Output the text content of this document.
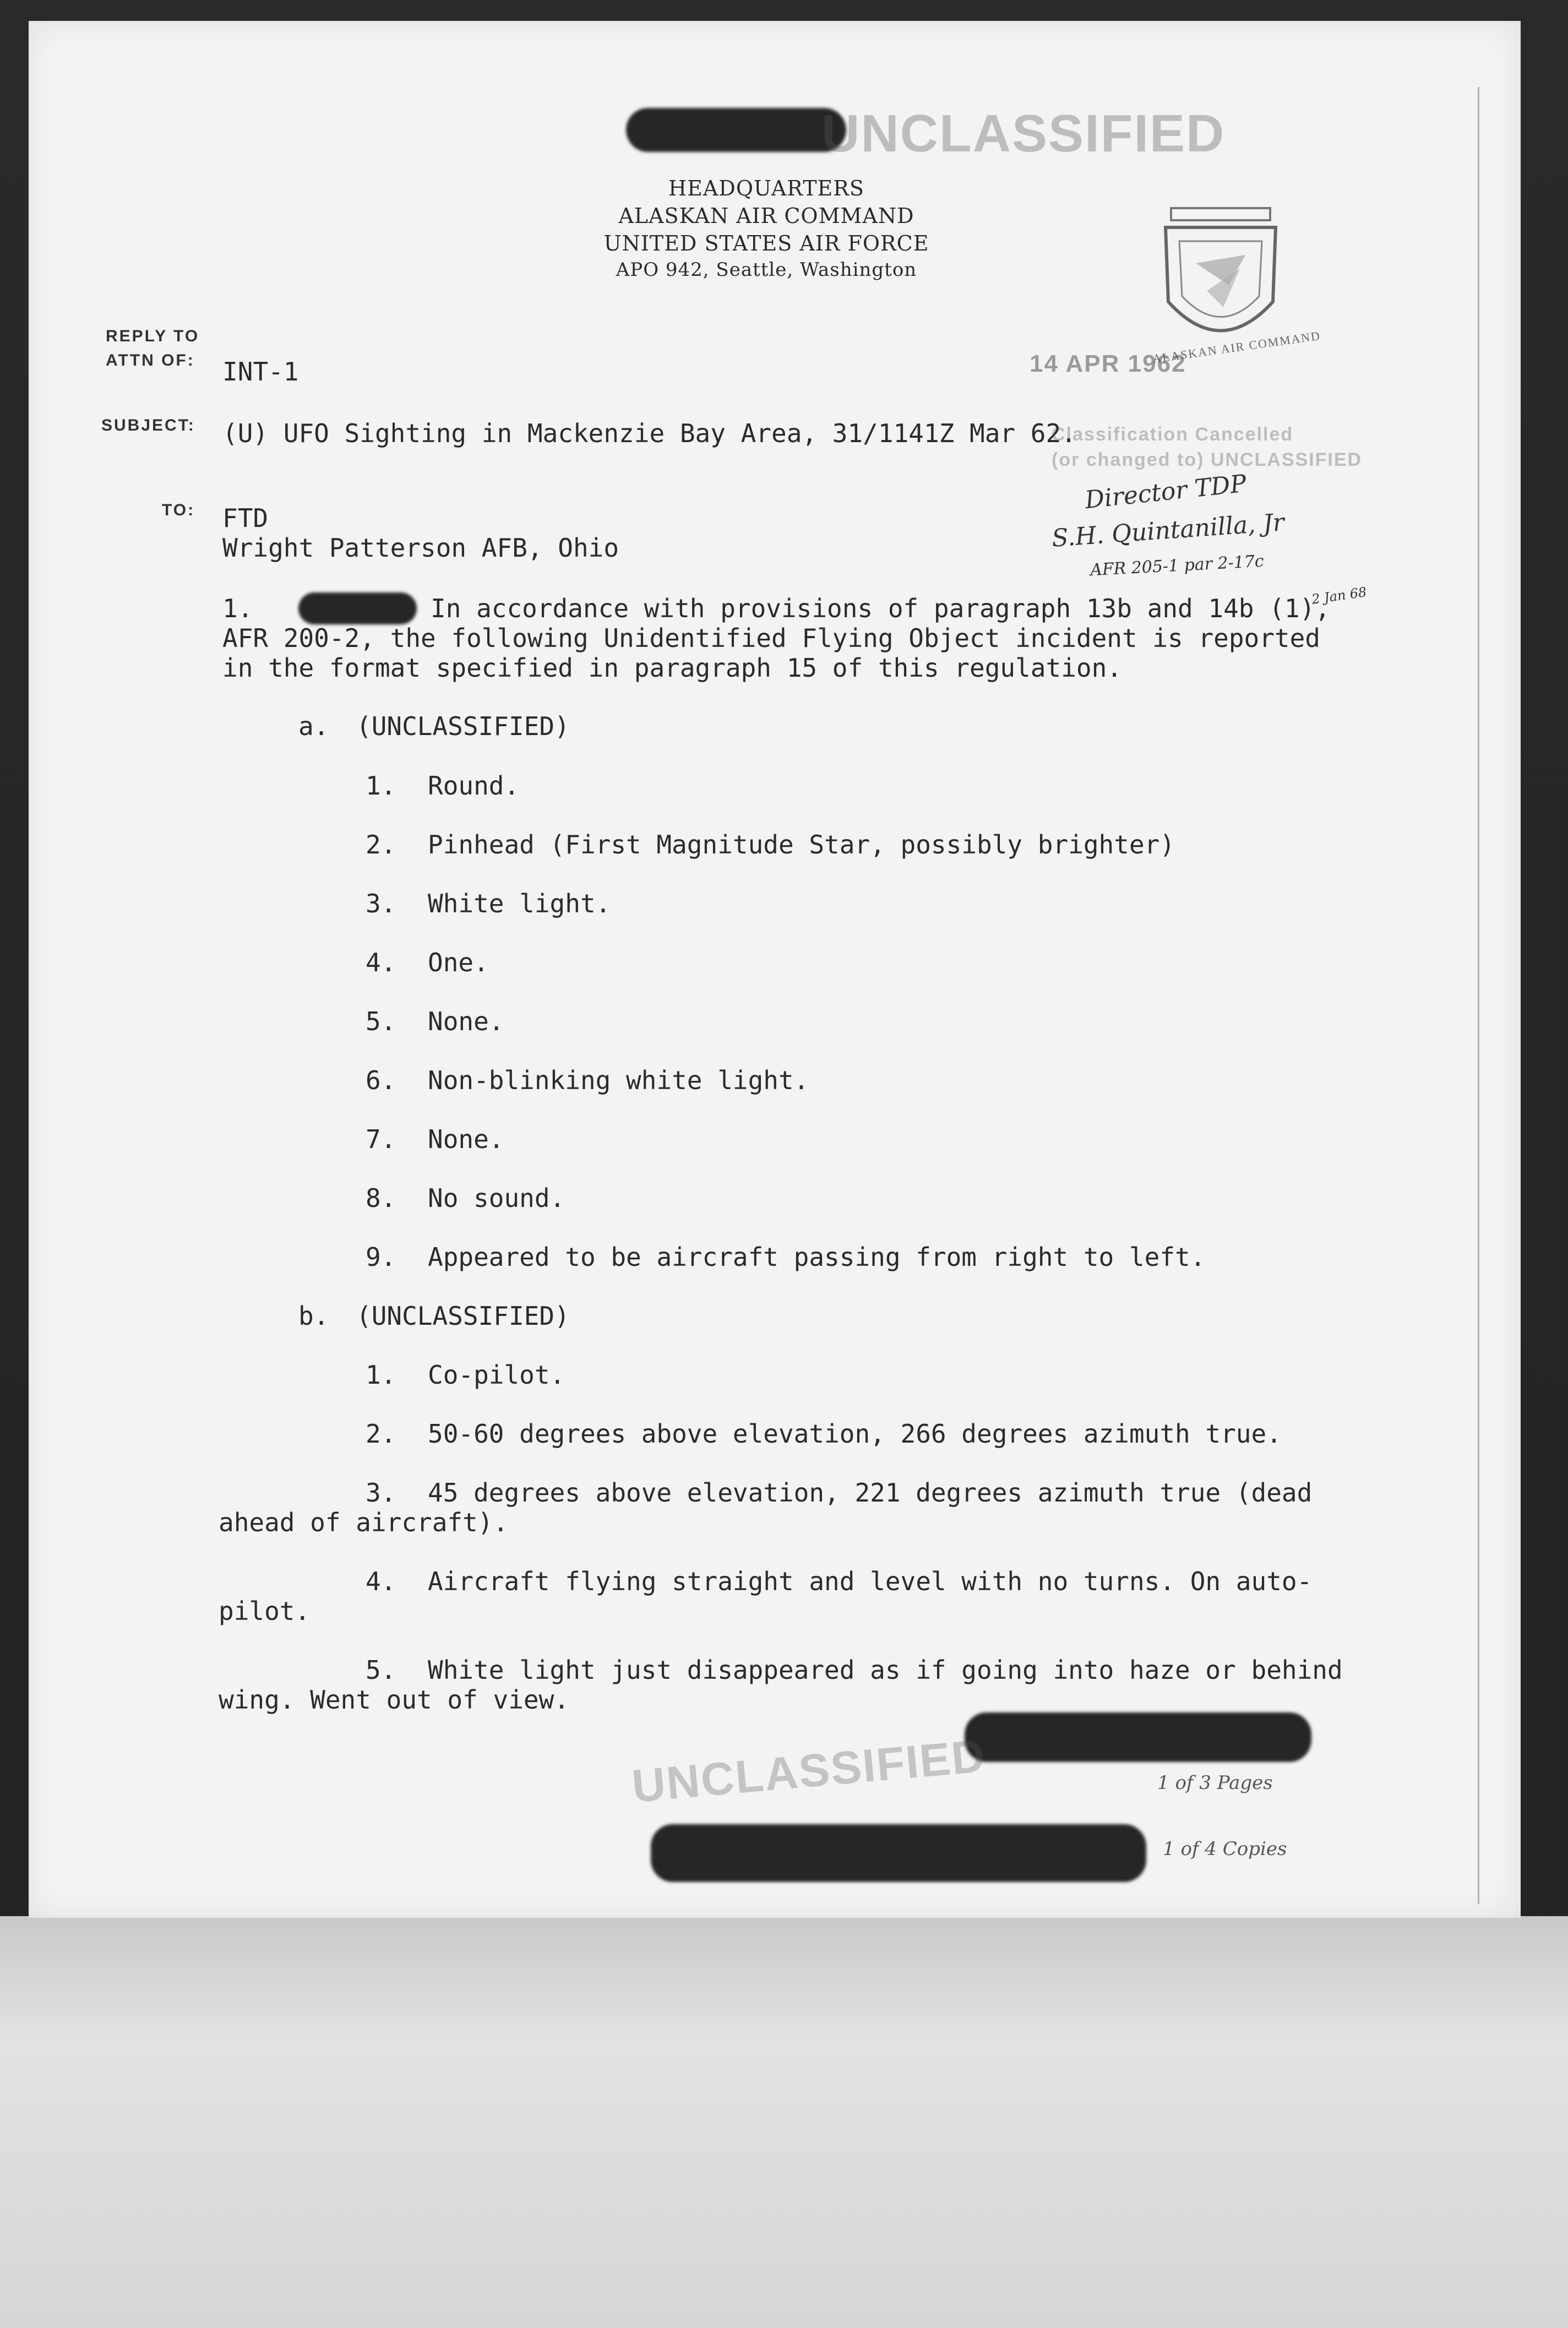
UNCLASSIFIED
HEADQUARTERS
ALASKAN AIR COMMAND
UNITED STATES AIR FORCE
APO 942, Seattle, Washington
ALASKAN AIR COMMAND
14 APR 1962
REPLY TO
ATTN OF:
SUBJECT:
TO:
INT-1
(U) UFO Sighting in Mackenzie Bay Area, 31/1141Z Mar 62.
FTD
Wright Patterson AFB, Ohio
Classification Cancelled
(or changed to) UNCLASSIFIED
Director TDP
S.H. Quintanilla, Jr
AFR 205-1 par 2-17c
2 Jan 68
1.	In accordance with provisions of paragraph 13b and 14b (1),
AFR 200-2, the following Unidentified Flying Object incident is reported
in the format specified in paragraph 15 of this regulation.
a. (UNCLASSIFIED)
1. Round.
2. Pinhead (First Magnitude Star, possibly brighter)
3. White light.
4. One.
5. None.
6. Non-blinking white light.
7. None.
8. No sound.
9. Appeared to be aircraft passing from right to left.
b. (UNCLASSIFIED)
1. Co-pilot.
2. 50-60 degrees above elevation, 266 degrees azimuth true.
3. 45 degrees above elevation, 221 degrees azimuth true (dead
ahead of aircraft).
4. Aircraft flying straight and level with no turns. On auto-
pilot.
5. White light just disappeared as if going into haze or behind
wing. Went out of view.
UNCLASSIFIED	1 of 3 Pages
1 of 4 Copies
